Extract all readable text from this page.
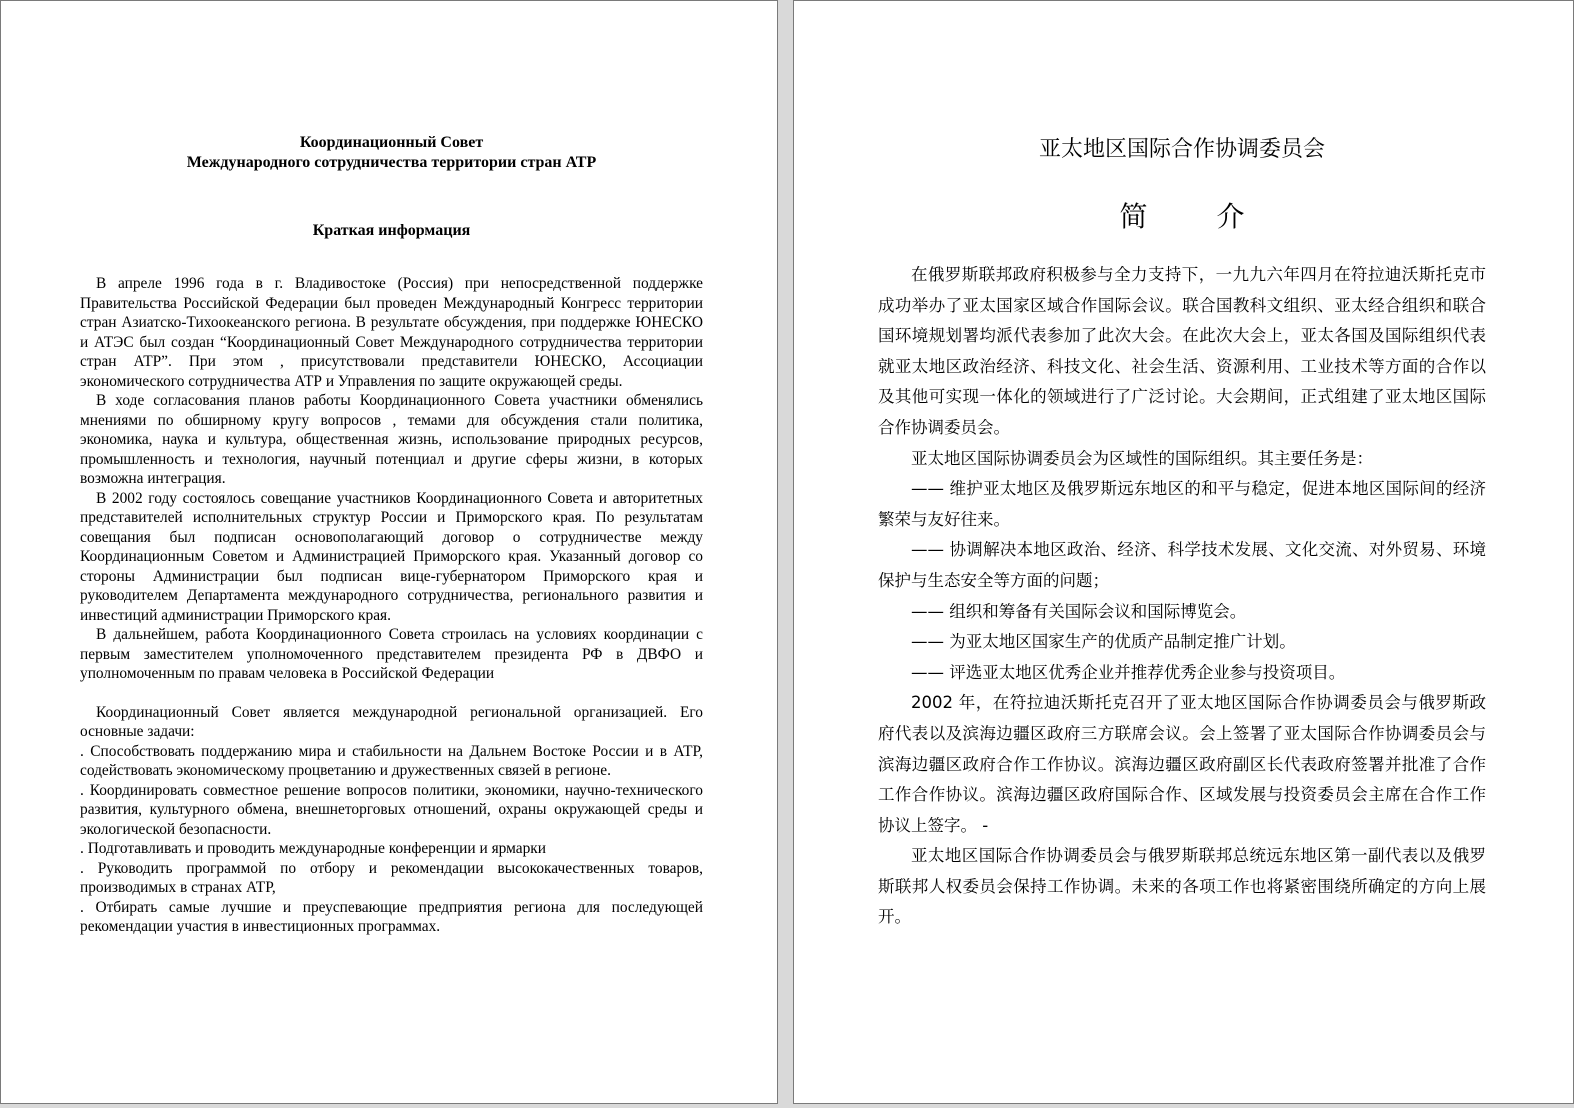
Координационный Совет
Международного сотрудничества территории стран АТР
Краткая информация

В апреле 1996 года в г. Владивостоке (Россия) при непосредственной поддержке Правительства Российской Федерации был проведен Международный Конгресс территории стран Азиатско-Тихоокеанского региона. В результате обсуждения, при поддержке ЮНЕСКО и АТЭС был создан “Координационный Совет Международного сотрудничества территории стран АТР”. При этом , присутствовали представители ЮНЕСКО, Ассоциации экономического сотрудничества АТР и Управления по защите окружающей среды.

В ходе согласования планов работы Координационного Совета участники обменялись мнениями по обширному кругу вопросов , темами для обсуждения стали политика, экономика, наука и культура, общественная жизнь, использование природных ресурсов, промышленность и технология, научный потенциал и другие сферы жизни, в которых возможна интеграция.

В 2002 году состоялось совещание участников Координационного Совета и авторитетных представителей исполнительных структур России и Приморского края. По результатам совещания был подписан основополагающий договор о сотрудничестве между Координационным Советом и Администрацией Приморского края. Указанный договор со стороны Администрации был подписан вице-губернатором Приморского края и руководителем Департамента международного сотрудничества, регионального развития и инвестиций администрации Приморского края.

В дальнейшем, работа Координационного Совета строилась на условиях координации с первым заместителем уполномоченного представителем президента РФ в ДВФО и уполномоченным по правам человека в Российской Федерации

Координационный Совет является международной региональной организацией. Его основные задачи:

. Способствовать поддержанию мира и стабильности на Дальнем Востоке России и в АТР, содействовать экономическому процветанию и дружественных связей в регионе.

. Координировать совместное решение вопросов политики, экономики, научно-технического развития, культурного обмена, внешнеторговых отношений, охраны окружающей среды и экологической безопасности.

. Подготавливать и проводить международные конференции и ярмарки

. Руководить программой по отбору и рекомендации высококачественных товаров, производимых в странах АТР,

. Отбирать самые лучшие и преуспевающие предприятия региона для последующей рекомендации участия в инвестиционных программах.

亚太地区国际合作协调委员会
简 介

在俄罗斯联邦政府积极参与全力支持下，一九九六年四月在符拉迪沃斯托克市成功举办了亚太国家区域合作国际会议。联合国教科文组织、亚太经合组织和联合国环境规划署均派代表参加了此次大会。在此次大会上，亚太各国及国际组织代表就亚太地区政治经济、科技文化、社会生活、资源利用、工业技术等方面的合作以及其他可实现一体化的领域进行了广泛讨论。大会期间，正式组建了亚太地区国际合作协调委员会。

亚太地区国际协调委员会为区域性的国际组织。其主要任务是：

—— 维护亚太地区及俄罗斯远东地区的和平与稳定，促进本地区国际间的经济繁荣与友好往来。

—— 协调解决本地区政治、经济、科学技术发展、文化交流、对外贸易、环境保护与生态安全等方面的问题；

—— 组织和筹备有关国际会议和国际博览会。

—— 为亚太地区国家生产的优质产品制定推广计划。

—— 评选亚太地区优秀企业并推荐优秀企业参与投资项目。

2002 年，在符拉迪沃斯托克召开了亚太地区国际合作协调委员会与俄罗斯政府代表以及滨海边疆区政府三方联席会议。会上签署了亚太国际合作协调委员会与滨海边疆区政府合作工作协议。滨海边疆区政府副区长代表政府签署并批准了合作工作合作协议。滨海边疆区政府国际合作、区域发展与投资委员会主席在合作工作协议上签字。 -

亚太地区国际合作协调委员会与俄罗斯联邦总统远东地区第一副代表以及俄罗斯联邦人权委员会保持工作协调。未来的各项工作也将紧密围绕所确定的方向上展开。
